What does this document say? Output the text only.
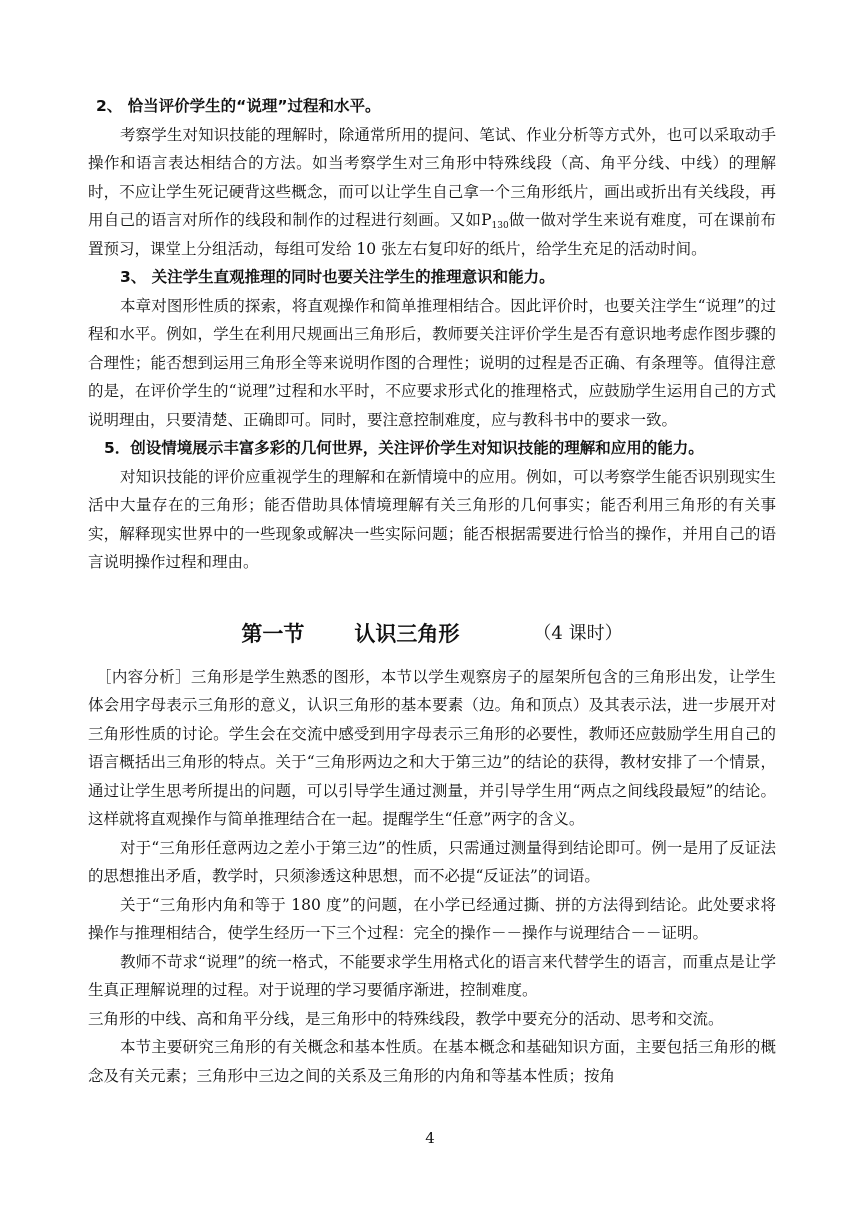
2、 恰当评价学生的“说理”过程和水平。

考察学生对知识技能的理解时，除通常所用的提问、笔试、作业分析等方式外，也可以采取动手操作和语言表达相结合的方法。如当考察学生对三角形中特殊线段（高、角平分线、中线）的理解时，不应让学生死记硬背这些概念，而可以让学生自己拿一个三角形纸片，画出或折出有关线段，再用自己的语言对所作的线段和制作的过程进行刻画。又如$P_{130}$做一做对学生来说有难度，可在课前布置预习，课堂上分组活动，每组可发给 10 张左右复印好的纸片，给学生充足的活动时间。

3、 关注学生直观推理的同时也要关注学生的推理意识和能力。

本章对图形性质的探索，将直观操作和简单推理相结合。因此评价时，也要关注学生“说理”的过程和水平。例如，学生在利用尺规画出三角形后，教师要关注评价学生是否有意识地考虑作图步骤的合理性；能否想到运用三角形全等来说明作图的合理性；说明的过程是否正确、有条理等。值得注意的是，在评价学生的“说理”过程和水平时，不应要求形式化的推理格式，应鼓励学生运用自己的方式说明理由，只要清楚、正确即可。同时，要注意控制难度，应与教科书中的要求一致。

5．创设情境展示丰富多彩的几何世界，关注评价学生对知识技能的理解和应用的能力。

对知识技能的评价应重视学生的理解和在新情境中的应用。例如，可以考察学生能否识别现实生活中大量存在的三角形；能否借助具体情境理解有关三角形的几何事实；能否利用三角形的有关事实，解释现实世界中的一些现象或解决一些实际问题；能否根据需要进行恰当的操作，并用自己的语言说明操作过程和理由。

第一节 认识三角形	（4 课时）

［内容分析］三角形是学生熟悉的图形，本节以学生观察房子的屋架所包含的三角形出发，让学生体会用字母表示三角形的意义，认识三角形的基本要素（边。角和顶点）及其表示法，进一步展开对三角形性质的讨论。学生会在交流中感受到用字母表示三角形的必要性，教师还应鼓励学生用自己的语言概括出三角形的特点。关于“三角形两边之和大于第三边”的结论的获得，教材安排了一个情景，通过让学生思考所提出的问题，可以引导学生通过测量，并引导学生用“两点之间线段最短”的结论。这样就将直观操作与简单推理结合在一起。提醒学生“任意”两字的含义。

对于“三角形任意两边之差小于第三边”的性质，只需通过测量得到结论即可。例一是用了反证法的思想推出矛盾，教学时，只须渗透这种思想，而不必提“反证法”的词语。

关于“三角形内角和等于 180 度”的问题，在小学已经通过撕、拼的方法得到结论。此处要求将操作与推理相结合，使学生经历一下三个过程：完全的操作－－操作与说理结合－－证明。

教师不苛求“说理”的统一格式，不能要求学生用格式化的语言来代替学生的语言，而重点是让学生真正理解说理的过程。对于说理的学习要循序渐进，控制难度。

三角形的中线、高和角平分线，是三角形中的特殊线段，教学中要充分的活动、思考和交流。

本节主要研究三角形的有关概念和基本性质。在基本概念和基础知识方面，主要包括三角形的概念及有关元素；三角形中三边之间的关系及三角形的内角和等基本性质；按角

4
